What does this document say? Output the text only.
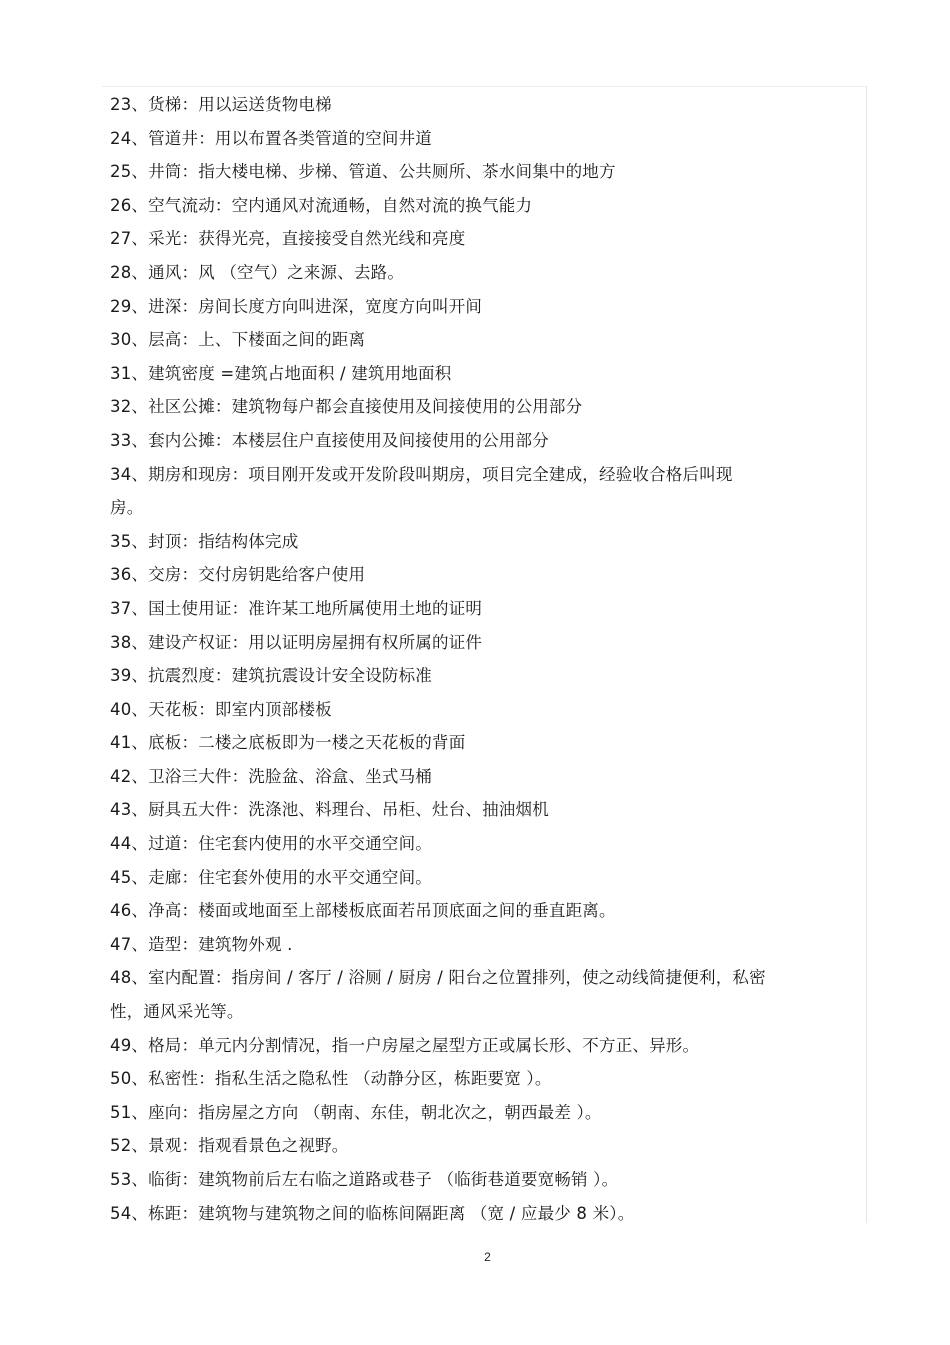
23、货梯：用以运送货物电梯
24、管道井：用以布置各类管道的空间井道
25、井筒：指大楼电梯、步梯、管道、公共厕所、茶水间集中的地方
26、空气流动：空内通风对流通畅，自然对流的换气能力
27、采光：获得光亮，直接接受自然光线和亮度
28、通风：风 （空气）之来源、去路。
29、进深：房间长度方向叫进深，宽度方向叫开间
30、层高：上、下楼面之间的距离
31、建筑密度 =建筑占地面积 / 建筑用地面积
32、社区公摊：建筑物每户都会直接使用及间接使用的公用部分
33、套内公摊：本楼层住户直接使用及间接使用的公用部分
34、期房和现房：项目刚开发或开发阶段叫期房，项目完全建成，经验收合格后叫现
房。
35、封顶：指结构体完成
36、交房：交付房钥匙给客户使用
37、国土使用证：准许某工地所属使用土地的证明
38、建设产权证：用以证明房屋拥有权所属的证件
39、抗震烈度：建筑抗震设计安全设防标准
40、天花板：即室内顶部楼板
41、底板：二楼之底板即为一楼之天花板的背面
42、卫浴三大件：洗脸盆、浴盒、坐式马桶
43、厨具五大件：洗涤池、料理台、吊柜、灶台、抽油烟机
44、过道：住宅套内使用的水平交通空间。
45、走廊：住宅套外使用的水平交通空间。
46、净高：楼面或地面至上部楼板底面若吊顶底面之间的垂直距离。
47、造型：建筑物外观 .
48、室内配置：指房间 / 客厅 / 浴厕 / 厨房 / 阳台之位置排列，使之动线简捷便利，私密
性，通风采光等。
49、格局：单元内分割情况，指一户房屋之屋型方正或属长形、不方正、异形。
50、私密性：指私生活之隐私性 （动静分区，栋距要宽 ）。
51、座向：指房屋之方向 （朝南、东佳，朝北次之，朝西最差 ）。
52、景观：指观看景色之视野。
53、临街：建筑物前后左右临之道路或巷子 （临街巷道要宽畅销 ）。
54、栋距：建筑物与建筑物之间的临栋间隔距离 （宽 / 应最少 8 米）。
2
